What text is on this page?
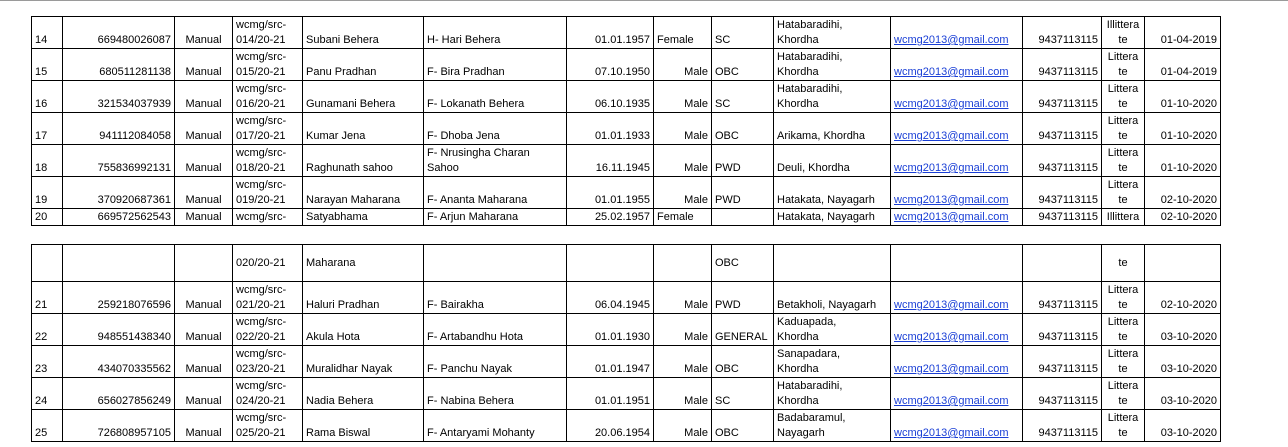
14	669480026087	Manual	wcmg/src-
014/20-21	Subani Behera	H- Hari Behera	01.01.1957	Female	SC	Hatabaradihi,
Khordha	wcmg2013@gmail.com	9437113115	Illittera
te	01-04-2019

15	680511281138	Manual	wcmg/src-
015/20-21	Panu Pradhan	F- Bira Pradhan	07.10.1950	Male	OBC	Hatabaradihi,
Khordha	wcmg2013@gmail.com	9437113115	Littera
te	01-04-2019

16	321534037939	Manual	wcmg/src-
016/20-21	Gunamani Behera	F- Lokanath Behera	06.10.1935	Male	SC	Hatabaradihi,
Khordha	wcmg2013@gmail.com	9437113115	Littera
te	01-10-2020

17	941112084058	Manual	wcmg/src-
017/20-21	Kumar Jena	F- Dhoba Jena	01.01.1933	Male	OBC	Arikama, Khordha	wcmg2013@gmail.com	9437113115	Littera
te	01-10-2020

18	755836992131	Manual	wcmg/src-
018/20-21	Raghunath sahoo	F- Nrusingha Charan
Sahoo	16.11.1945	Male	PWD	Deuli, Khordha	wcmg2013@gmail.com	9437113115	Littera
te	01-10-2020

19	370920687361	Manual	wcmg/src-
019/20-21	Narayan Maharana	F- Ananta Maharana	01.01.1955	Male	PWD	Hatakata, Nayagarh	wcmg2013@gmail.com	9437113115	Littera
te	02-10-2020

20	669572562543	Manual	wcmg/src-	Satyabhama	F- Arjun Maharana	25.02.1957	Female		Hatakata, Nayagarh	wcmg2013@gmail.com	9437113115	Illittera	02-10-2020
			020/20-21	Maharana				OBC				te	

21	259218076596	Manual	wcmg/src-
021/20-21	Haluri Pradhan	F- Bairakha	06.04.1945	Male	PWD	Betakholi, Nayagarh	wcmg2013@gmail.com	9437113115	Littera
te	02-10-2020

22	948551438340	Manual	wcmg/src-
022/20-21	Akula Hota	F- Artabandhu Hota	01.01.1930	Male	GENERAL	Kaduapada,
Khordha	wcmg2013@gmail.com	9437113115	Littera
te	03-10-2020

23	434070335562	Manual	wcmg/src-
023/20-21	Muralidhar Nayak	F- Panchu Nayak	01.01.1947	Male	OBC	Sanapadara,
Khordha	wcmg2013@gmail.com	9437113115	Littera
te	03-10-2020

24	656027856249	Manual	wcmg/src-
024/20-21	Nadia Behera	F- Nabina Behera	01.01.1951	Male	SC	Hatabaradihi,
Khordha	wcmg2013@gmail.com	9437113115	Littera
te	03-10-2020

25	726808957105	Manual	wcmg/src-
025/20-21	Rama Biswal	F- Antaryami Mohanty	20.06.1954	Male	OBC	Badabaramul,
Nayagarh	wcmg2013@gmail.com	9437113115	Littera
te	03-10-2020
